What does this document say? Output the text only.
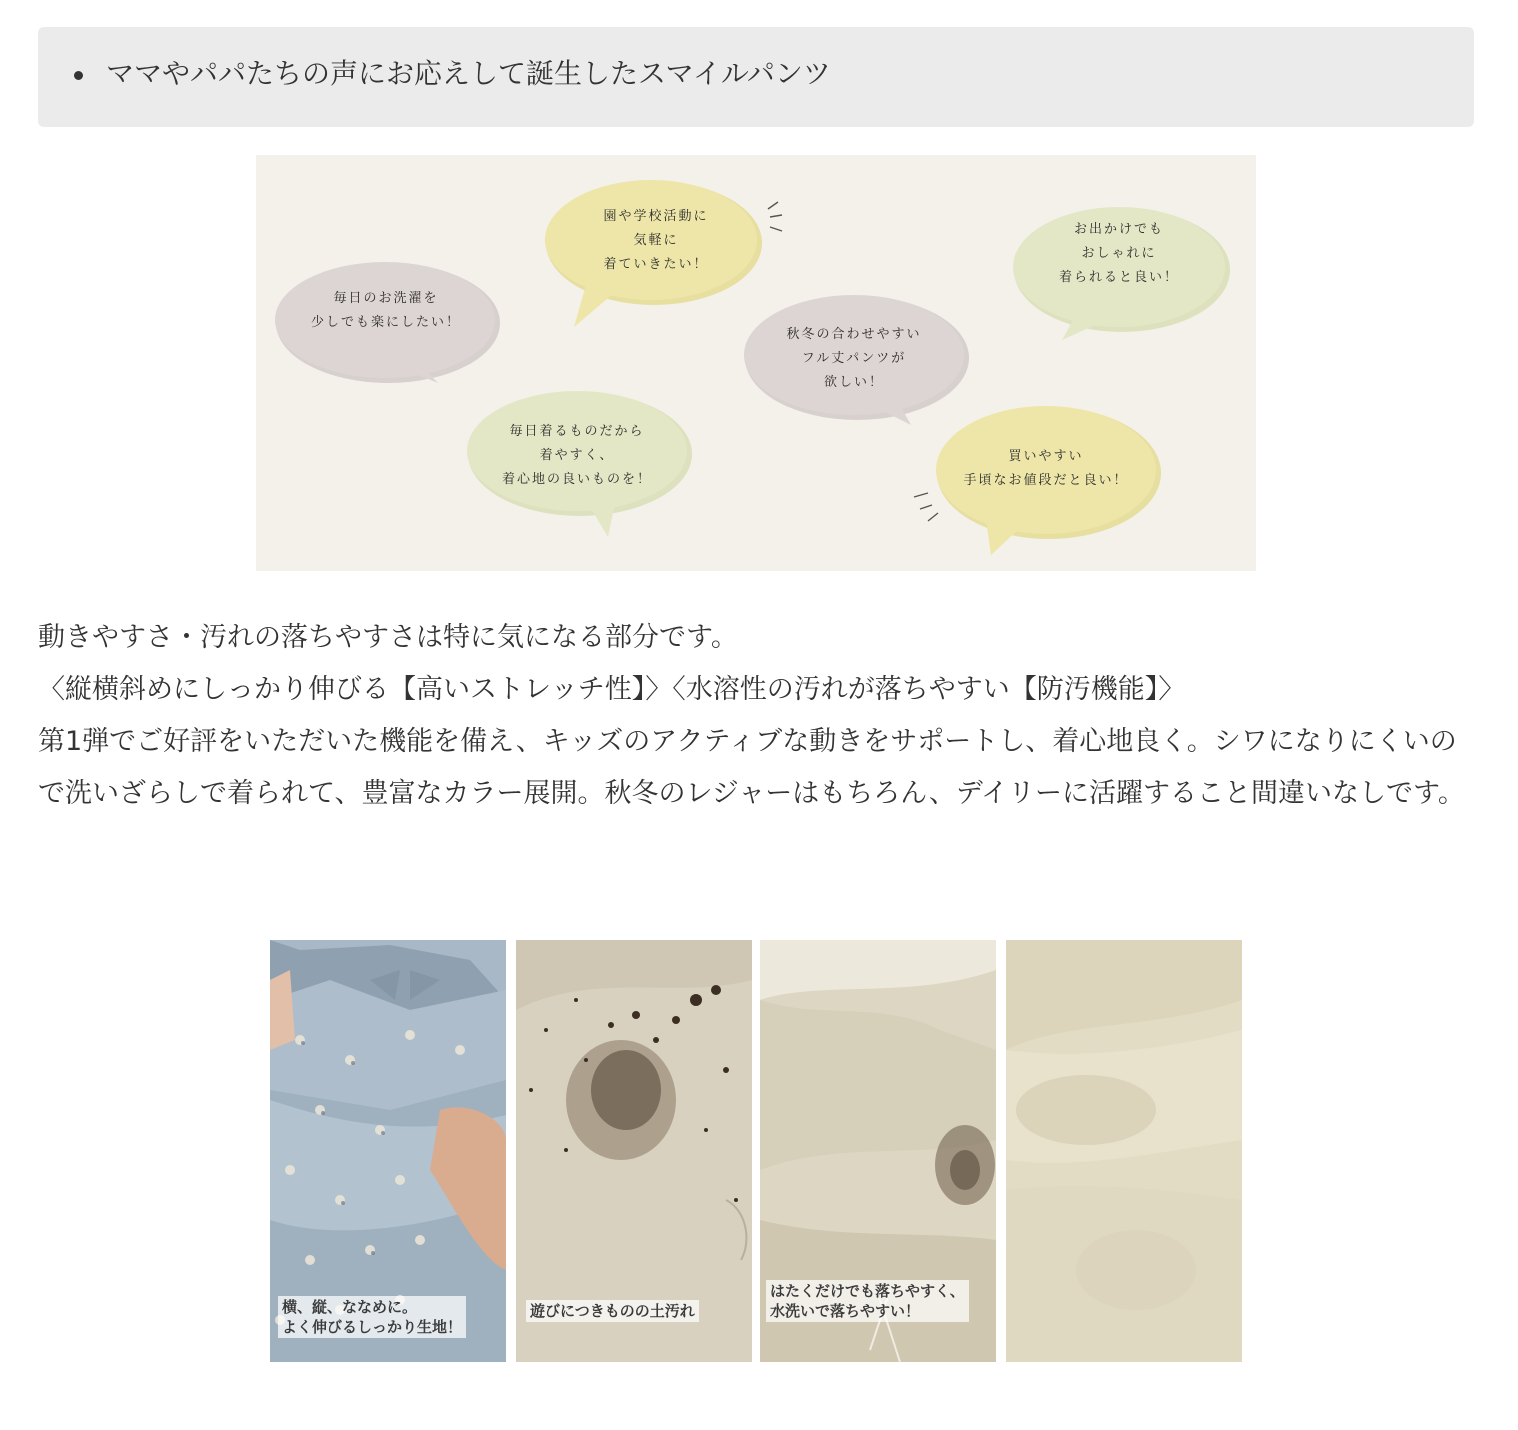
ママやパパたちの声にお応えして誕生したスマイルパンツ
毎日のお洗濯を
少しでも楽にしたい！
園や学校活動に
気軽に
着ていきたい！
秋冬の合わせやすい
フル丈パンツが
欲しい！
お出かけでも
おしゃれに
着られると良い！
毎日着るものだから
着やすく、
着心地の良いものを！
買いやすい
手頃なお値段だと良い！

動きやすさ・汚れの落ちやすさは特に気になる部分です。

〈縦横斜めにしっかり伸びる【高いストレッチ性】〉〈水溶性の汚れが落ちやすい【防汚機能】〉

第1弾でご好評をいただいた機能を備え、キッズのアクティブな動きをサポートし、着心地良く。シワになりにくいので洗いざらしで着られて、豊富なカラー展開。秋冬のレジャーはもちろん、デイリーに活躍すること間違いなしです。

横、縦、ななめに。
よく伸びるしっかり生地！
遊びにつきものの土汚れ
はたくだけでも落ちやすく、
水洗いで落ちやすい！
